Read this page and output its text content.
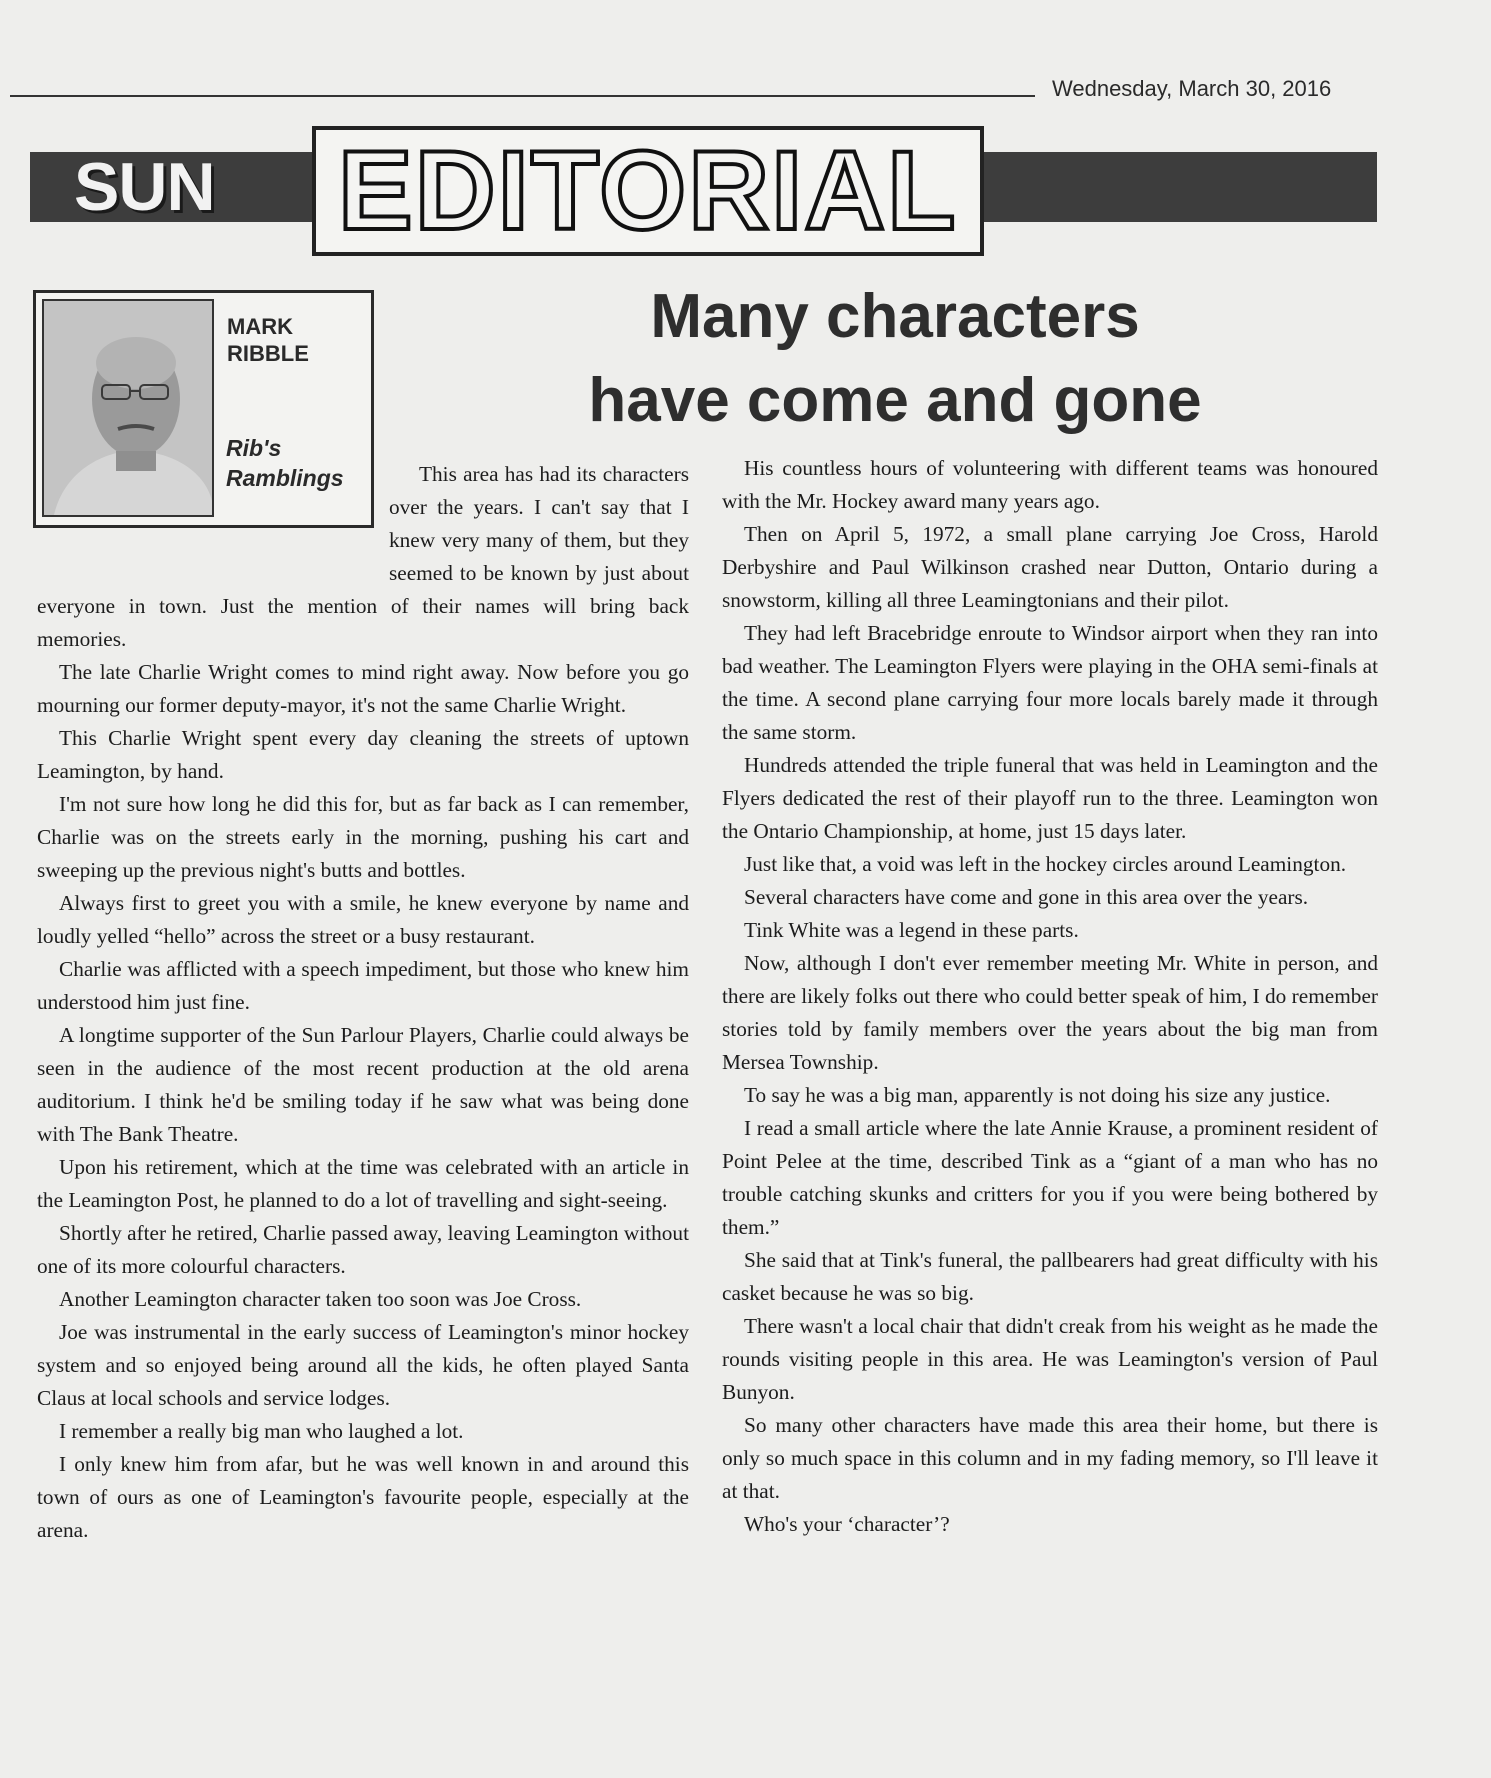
Wednesday, March 30, 2016
SUN EDITORIAL
MARK
RIBBLE
Rib's
Ramblings
Many characters
have come and gone

This area has had its characters over the years. I can't say that I knew very many of them, but they seemed to be known by just about everyone in town. Just the mention of their names will bring back memories.

The late Charlie Wright comes to mind right away. Now before you go mourning our former deputy-mayor, it's not the same Charlie Wright.

This Charlie Wright spent every day cleaning the streets of uptown Leamington, by hand.

I'm not sure how long he did this for, but as far back as I can remember, Charlie was on the streets early in the morning, pushing his cart and sweeping up the previous night's butts and bottles.

Always first to greet you with a smile, he knew everyone by name and loudly yelled “hello” across the street or a busy restaurant.

Charlie was afflicted with a speech impediment, but those who knew him understood him just fine.

A longtime supporter of the Sun Parlour Players, Charlie could always be seen in the audience of the most recent production at the old arena auditorium. I think he'd be smiling today if he saw what was being done with The Bank Theatre.

Upon his retirement, which at the time was celebrated with an article in the Leamington Post, he planned to do a lot of travelling and sight-seeing.

Shortly after he retired, Charlie passed away, leaving Leamington without one of its more colourful characters.

Another Leamington character taken too soon was Joe Cross.

Joe was instrumental in the early success of Leamington's minor hockey system and so enjoyed being around all the kids, he often played Santa Claus at local schools and service lodges.

I remember a really big man who laughed a lot.

I only knew him from afar, but he was well known in and around this town of ours as one of Leamington's favourite people, especially at the arena.

His countless hours of volunteering with different teams was honoured with the Mr. Hockey award many years ago.

Then on April 5, 1972, a small plane carrying Joe Cross, Harold Derbyshire and Paul Wilkinson crashed near Dutton, Ontario during a snowstorm, killing all three Leamingtonians and their pilot.

They had left Bracebridge enroute to Windsor airport when they ran into bad weather. The Leamington Flyers were playing in the OHA semi-finals at the time. A second plane carrying four more locals barely made it through the same storm.

Hundreds attended the triple funeral that was held in Leamington and the Flyers dedicated the rest of their playoff run to the three. Leamington won the Ontario Championship, at home, just 15 days later.

Just like that, a void was left in the hockey circles around Leamington.

Several characters have come and gone in this area over the years.

Tink White was a legend in these parts.

Now, although I don't ever remember meeting Mr. White in person, and there are likely folks out there who could better speak of him, I do remember stories told by family members over the years about the big man from Mersea Township.

To say he was a big man, apparently is not doing his size any justice.

I read a small article where the late Annie Krause, a prominent resident of Point Pelee at the time, described Tink as a “giant of a man who has no trouble catching skunks and critters for you if you were being bothered by them.”

She said that at Tink's funeral, the pallbearers had great difficulty with his casket because he was so big.

There wasn't a local chair that didn't creak from his weight as he made the rounds visiting people in this area. He was Leamington's version of Paul Bunyon.

So many other characters have made this area their home, but there is only so much space in this column and in my fading memory, so I'll leave it at that.

Who's your ‘character’?
